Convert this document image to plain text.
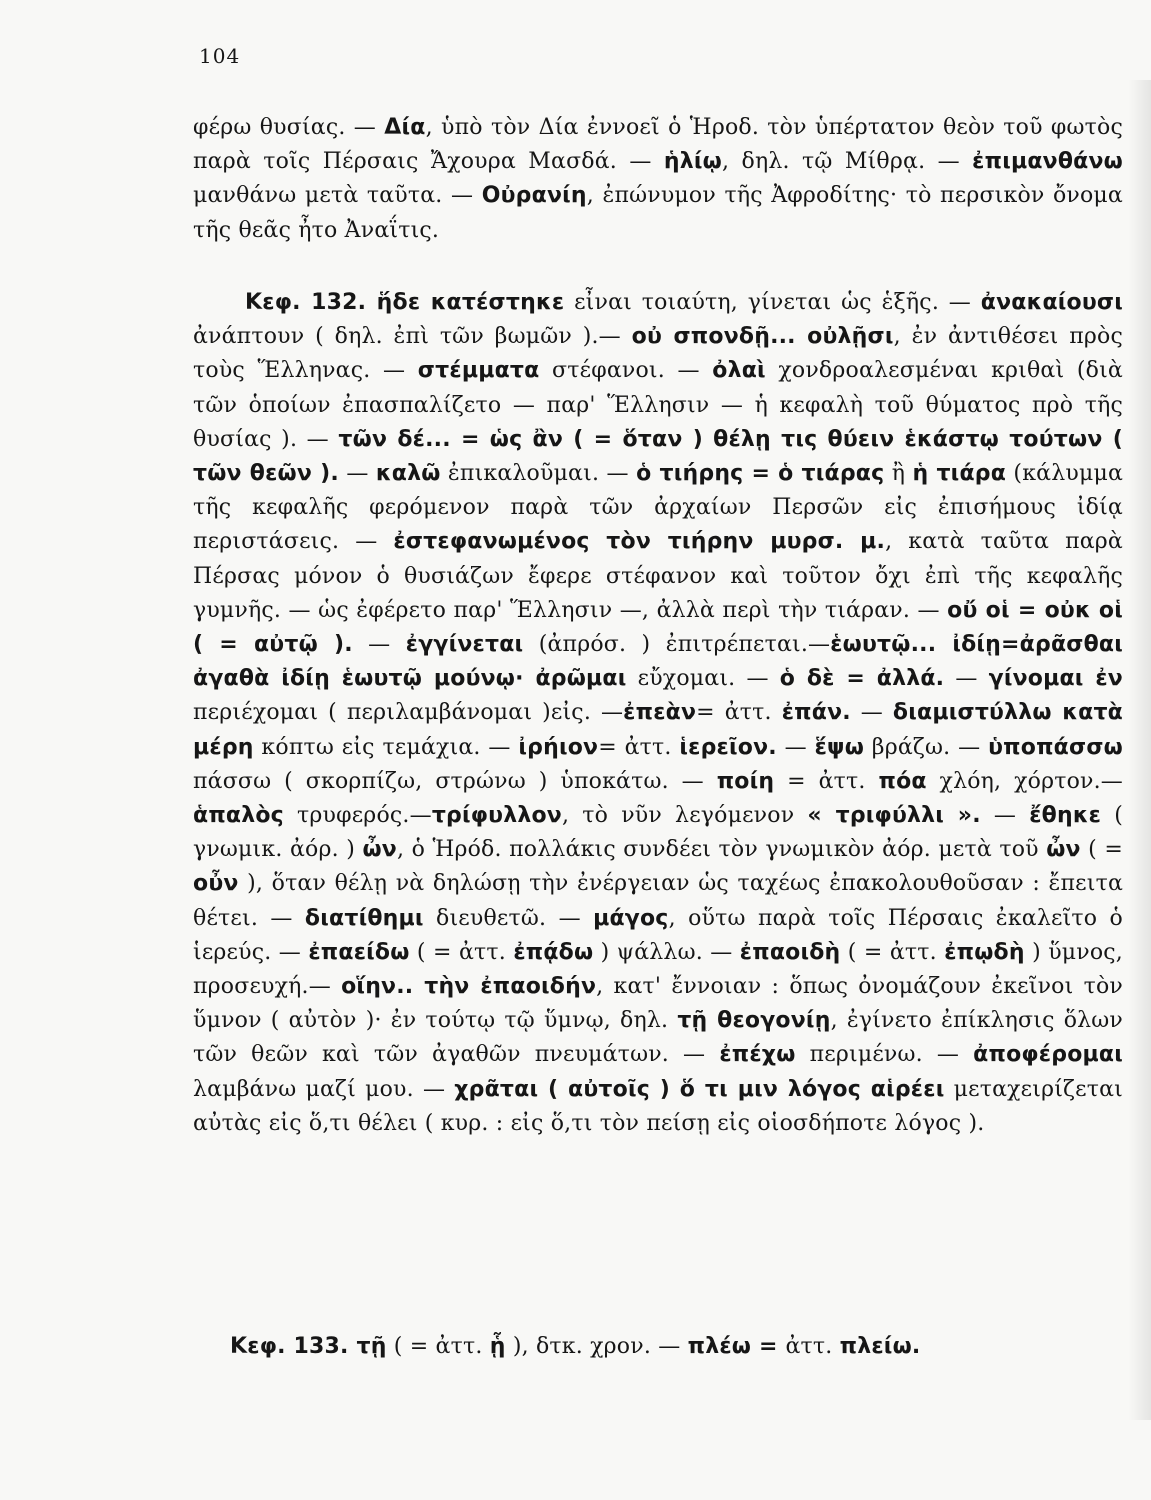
104

φέρω θυσίας. — Δία, ὑπὸ τὸν Δία ἐννοεῖ ὁ Ἡροδ. τὸν ὑπέρτατον θεὸν τοῦ φωτὸς παρὰ τοῖς Πέρσαις Ἄχουρα Μασδά. — ἡλίῳ, δηλ. τῷ Μίθρᾳ. — ἐπιμανθάνω μανθάνω μετὰ ταῦτα. — Οὐρανίη, ἐπώνυμον τῆς Ἀφροδίτης· τὸ περσικὸν ὄνομα τῆς θεᾶς ἦτο Ἀναΐτις.

Κεφ. 132. ἥδε κατέστηκε εἶναι τοιαύτη, γίνεται ὡς ἑξῆς. — ἀνακαίουσι ἀνάπτουν ( δηλ. ἐπὶ τῶν βωμῶν ).— οὐ σπονδῇ... οὐλῇσι, ἐν ἀντιθέσει πρὸς τοὺς Ἕλληνας. — στέμματα στέφανοι. — ὀλαὶ χονδροαλεσμέναι κριθαὶ (διὰ τῶν ὁποίων ἐπασπαλίζετο — παρ' Ἕλλησιν — ἡ κεφαλὴ τοῦ θύματος πρὸ τῆς θυσίας ). — τῶν δέ... = ὡς ἂν ( = ὅταν ) θέλῃ τις θύειν ἑκάστῳ τούτων ( τῶν θεῶν ). — καλῶ ἐπικαλοῦμαι. — ὁ τιήρης = ὁ τιάρας ἢ ἡ τιάρα (κάλυμμα τῆς κεφαλῆς φερόμενον παρὰ τῶν ἀρχαίων Περσῶν εἰς ἐπισήμους ἰδίᾳ περιστάσεις. — ἐστεφανωμένος τὸν τιήρην μυρσ. μ., κατὰ ταῦτα παρὰ Πέρσας μόνον ὁ θυσιάζων ἔφερε στέφανον καὶ τοῦτον ὄχι ἐπὶ τῆς κεφαλῆς γυμνῆς. — ὡς ἐφέρετο παρ' Ἕλλησιν —, ἀλλὰ περὶ τὴν τιάραν. — οὔ οἱ = οὐκ οἱ ( = αὐτῷ ). — ἐγγίνεται (ἀπρόσ. ) ἐπιτρέπεται.—ἑωυτῷ... ἰδίῃ=ἀρᾶσθαι ἀγαθὰ ἰδίῃ ἑωυτῷ μούνῳ· ἀρῶμαι εὔχομαι. — ὁ δὲ = ἀλλά. — γίνομαι ἐν περιέχομαι ( περιλαμβάνομαι )εἰς. —ἐπεὰν= ἀττ. ἐπάν. — διαμιστύλλω κατὰ μέρη κόπτω εἰς τεμάχια. — ἰρήιον= ἀττ. ἱερεῖον. — ἕψω βράζω. — ὑποπάσσω πάσσω ( σκορπίζω, στρώνω ) ὑποκάτω. — ποίη = ἀττ. πόα χλόη, χόρτον.— ἁπαλὸς τρυφερός.—τρίφυλλον, τὸ νῦν λεγόμενον « τριφύλλι ». — ἔθηκε ( γνωμικ. ἀόρ. ) ὦν, ὁ Ἡρόδ. πολλάκις συνδέει τὸν γνωμικὸν ἀόρ. μετὰ τοῦ ὦν ( = οὖν ), ὅταν θέλῃ νὰ δηλώσῃ τὴν ἐνέργειαν ὡς ταχέως ἐπακολουθοῦσαν : ἔπειτα θέτει. — διατίθημι διευθετῶ. — μάγος, οὕτω παρὰ τοῖς Πέρσαις ἐκαλεῖτο ὁ ἱερεύς. — ἐπαείδω ( = ἀττ. ἐπᾴδω ) ψάλλω. — ἐπαοιδὴ ( = ἀττ. ἐπῳδὴ ) ὕμνος, προσευχή.— οἵην.. τὴν ἐπαοιδήν, κατ' ἔννοιαν : ὅπως ὀνομάζουν ἐκεῖνοι τὸν ὕμνον ( αὐτὸν )· ἐν τούτῳ τῷ ὕμνῳ, δηλ. τῇ θεογονίῃ, ἐγίνετο ἐπίκλησις ὅλων τῶν θεῶν καὶ τῶν ἀγαθῶν πνευμάτων. — ἐπέχω περιμένω. — ἀποφέρομαι λαμβάνω μαζί μου. — χρᾶται ( αὐτοῖς ) ὅ τι μιν λόγος αἱρέει μεταχειρίζεται αὐτὰς εἰς ὅ,τι θέλει ( κυρ. : εἰς ὅ,τι τὸν πείσῃ εἰς οἱοσδήποτε λόγος ).

Κεφ. 133. τῇ ( = ἀττ. ᾗ ), δτκ. χρον. — πλέω = ἀττ. πλείω.
